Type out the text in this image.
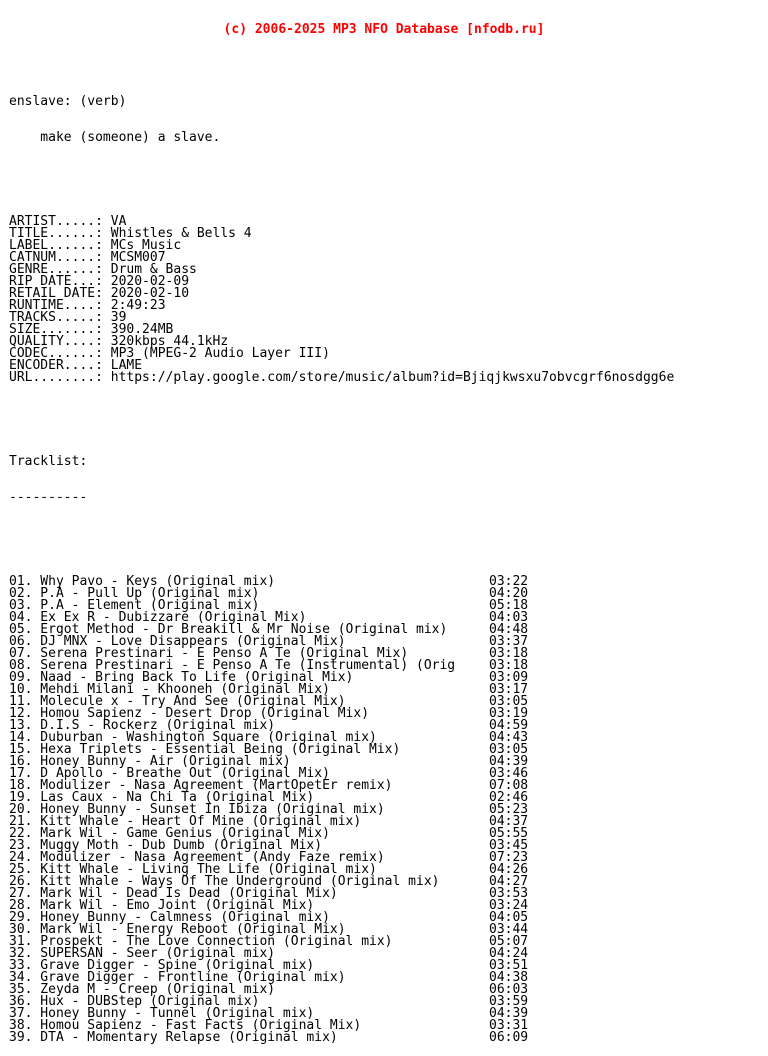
(c) 2006-2025 MP3 NFO Database [nfodb.ru]

enslave: (verb)

make (someone) a slave.

ARTIST.....: VA
TITLE......: Whistles & Bells 4
LABEL......: MCs Music
CATNUM.....: MCSM007
GENRE......: Drum & Bass
RIP DATE...: 2020-02-09
RETAIL DATE: 2020-02-10
RUNTIME....: 2:49:23
TRACKS.....: 39
SIZE.......: 390.24MB
QUALITY....: 320kbps 44.1kHz
CODEC......: MP3 (MPEG-2 Audio Layer III)
ENCODER....: LAME
URL........: https://play.google.com/store/music/album?id=Bjiqjkwsxu7obvcgrf6nosdgg6e

Tracklist:

----------

01. Why Pavo - Keys (Original mix)	03:22
02. P.A - Pull Up (Original mix)	04:20
03. P.A - Element (Original mix)	05:18
04. Ex Ex R - Dubizzare (Original Mix)	04:03
05. Ergot Method - Dr Breakill & Mr Noise (Original mix)	04:48
06. DJ MNX - Love Disappears (Original Mix)	03:37
07. Serena Prestinari - E Penso A Te (Original Mix)	03:18
08. Serena Prestinari - E Penso A Te (Instrumental) (Orig	03:18
09. Naad - Bring Back To Life (Original Mix)	03:09
10. Mehdi Milani - Khooneh (Original Mix)	03:17
11. Molecule x - Try And See (Original Mix)	03:05
12. Homou Sapienz - Desert Drop (Original Mix)	03:19
13. D.I.S - Rockerz (Original mix)	04:59
14. Duburban - Washington Square (Original mix)	04:43
15. Hexa Triplets - Essential Being (Original Mix)	03:05
16. Honey Bunny - Air (Original mix)	04:39
17. D Apollo - Breathe Out (Original Mix)	03:46
18. Modulizer - Nasa Agreement (MartOpetEr remix)	07:08
19. Las Caux - Na Chi Ta (Original Mix)	02:46
20. Honey Bunny - Sunset In Ibiza (Original mix)	05:23
21. Kitt Whale - Heart Of Mine (Original mix)	04:37
22. Mark Wil - Game Genius (Original Mix)	05:55
23. Muggy Moth - Dub Dumb (Original Mix)	03:45
24. Modulizer - Nasa Agreement (Andy Faze remix)	07:23
25. Kitt Whale - Living The Life (Original mix)	04:26
26. Kitt Whale - Ways Of The Underground (Original mix)	04:27
27. Mark Wil - Dead Is Dead (Original Mix)	03:53
28. Mark Wil - Emo Joint (Original Mix)	03:24
29. Honey Bunny - Calmness (Original mix)	04:05
30. Mark Wil - Energy Reboot (Original Mix)	03:44
31. Prospekt - The Love Connection (Original mix)	05:07
32. SUPERSAN - Seer (Original mix)	04:24
33. Grave Digger - Spine (Original mix)	03:51
34. Grave Digger - Frontline (Original mix)	04:38
35. Zeyda M - Creep (Original mix)	06:03
36. Hux - DUBStep (Original mix)	03:59
37. Honey Bunny - Tunnel (Original mix)	04:39
38. Homou Sapienz - Fast Facts (Original Mix)	03:31
39. DTA - Momentary Relapse (Original mix)	06:09
